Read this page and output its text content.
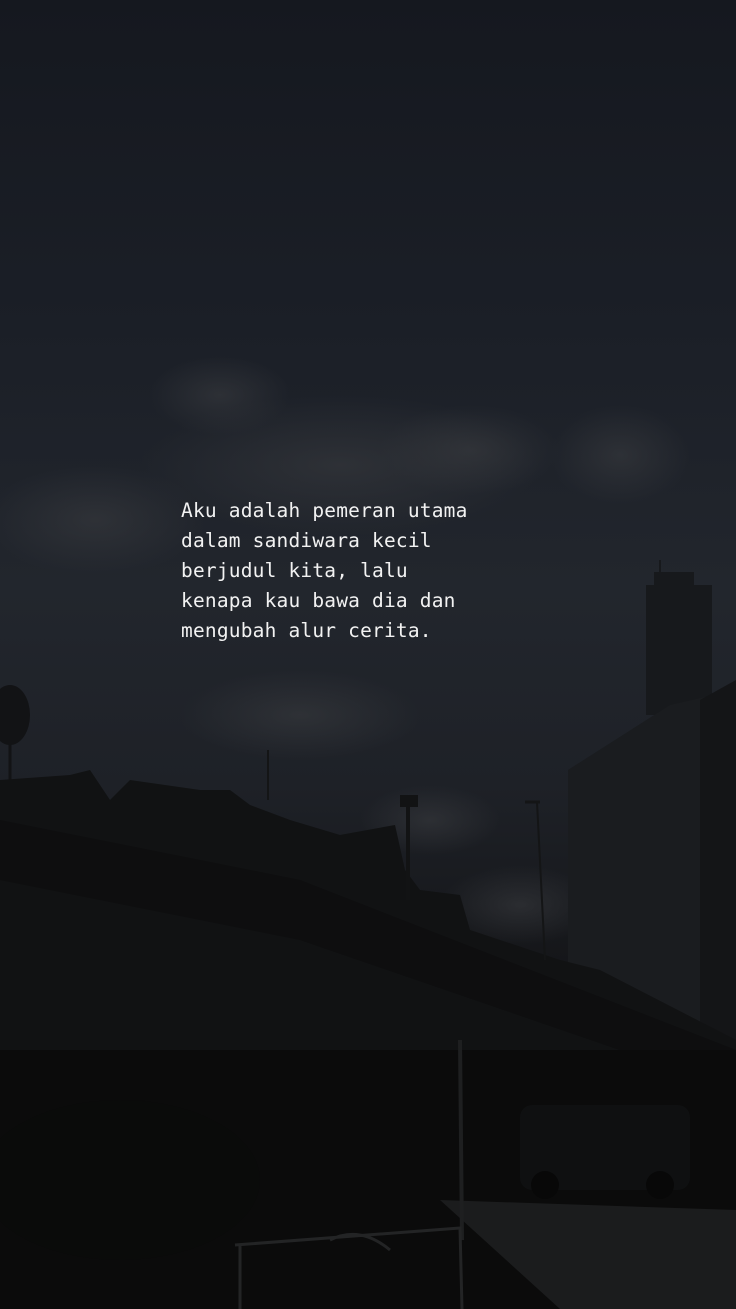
Aku adalah pemeran utama
dalam sandiwara kecil
berjudul kita, lalu
kenapa kau bawa dia dan
mengubah alur cerita.
